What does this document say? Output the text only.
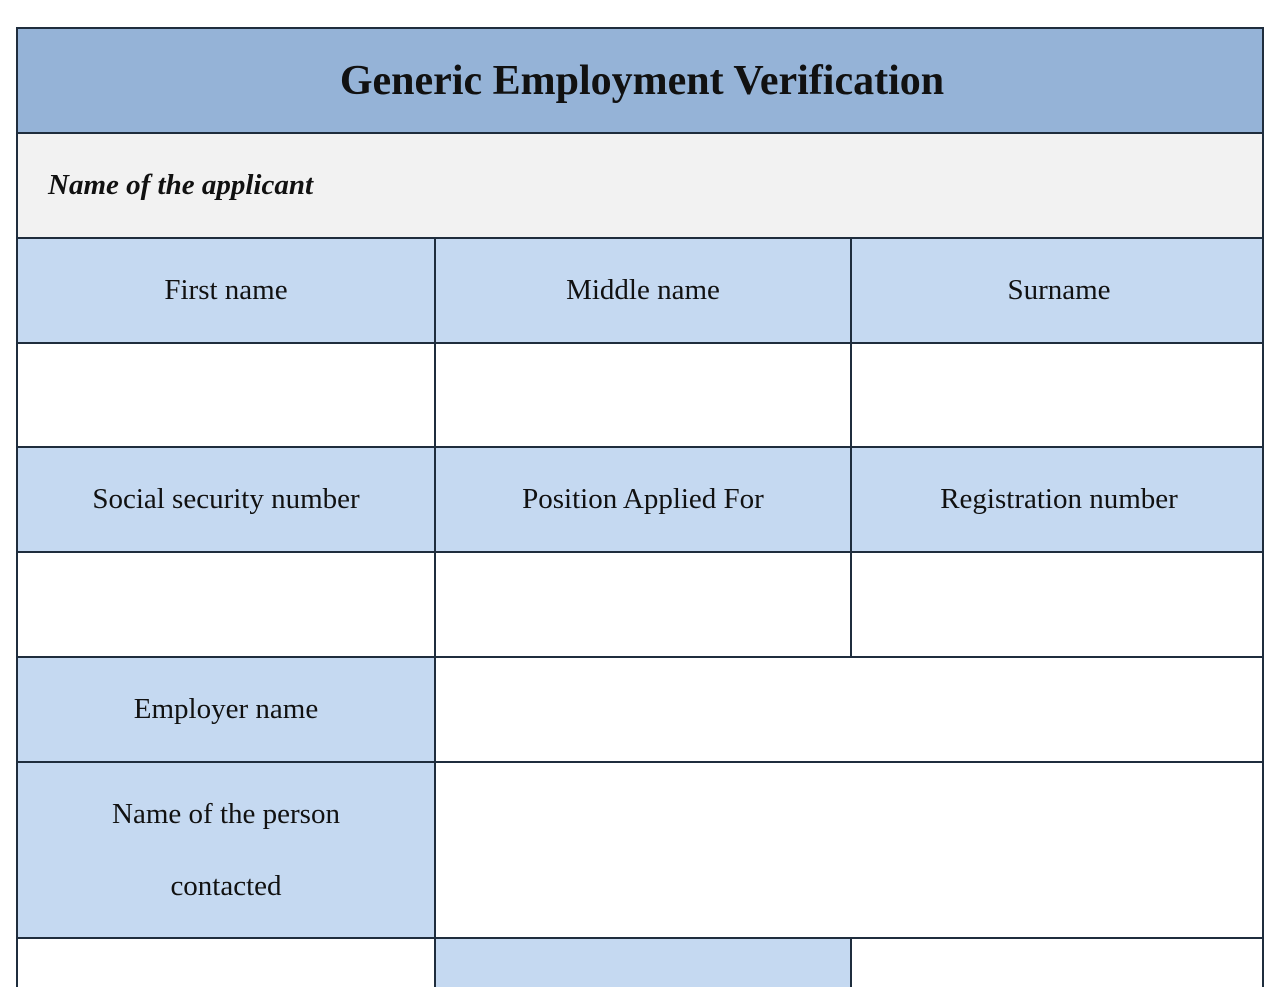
Generic Employment Verification
Name of the applicant
First name	Middle name	Surname
Social security number	Position Applied For	Registration number
Employer name
Name of the person
contacted
